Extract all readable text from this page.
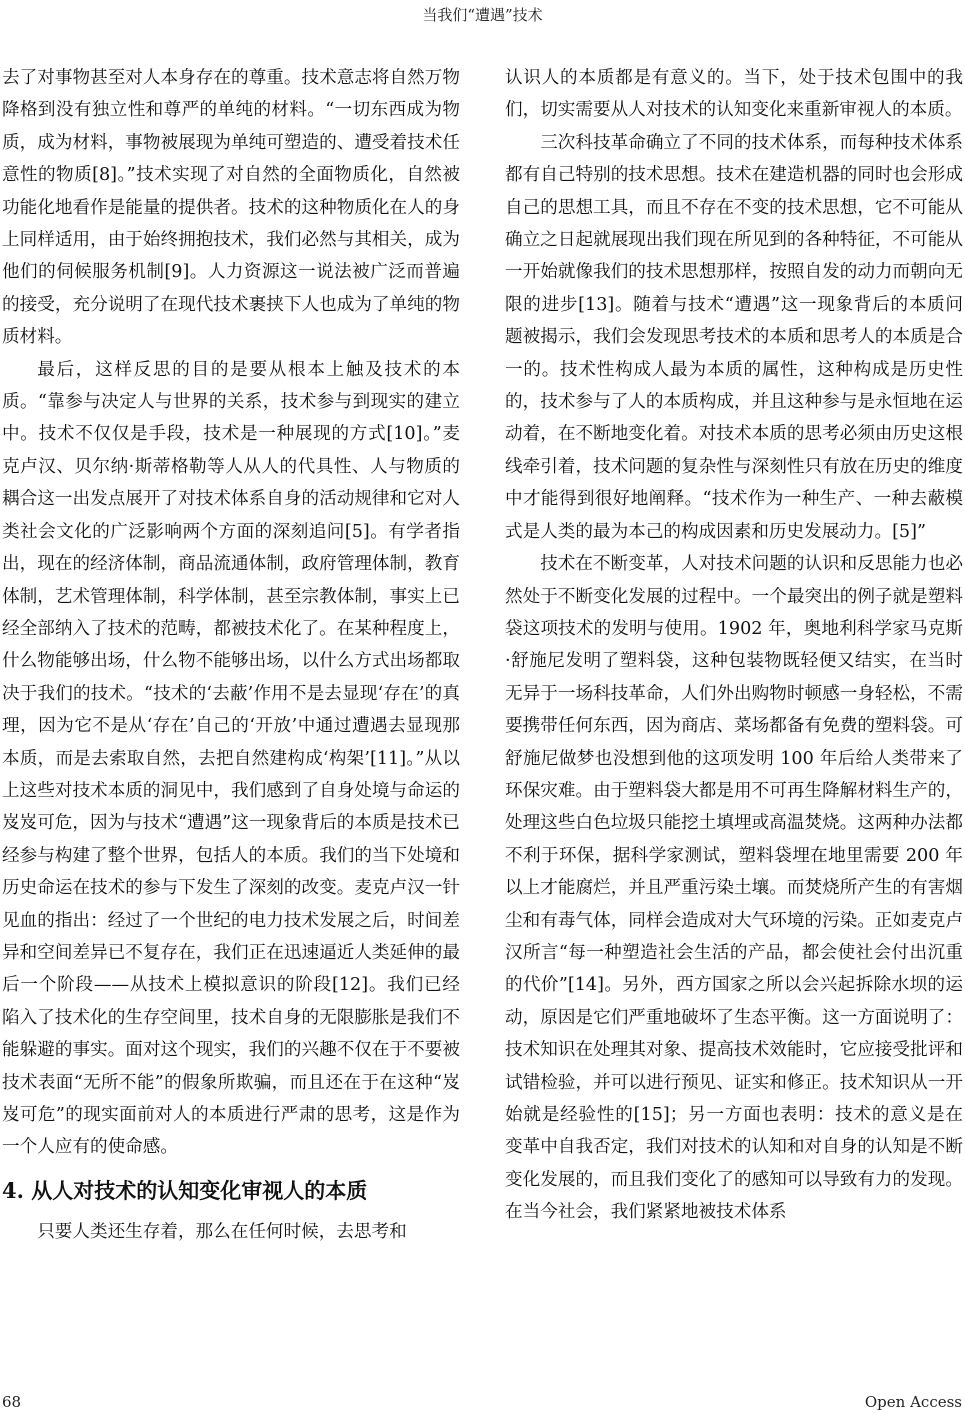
当我们“遭遇”技术

去了对事物甚至对人本身存在的尊重。技术意志将自然万物降格到没有独立性和尊严的单纯的材料。“一切东西成为物质，成为材料，事物被展现为单纯可塑造的、遭受着技术任意性的物质[8]。”技术实现了对自然的全面物质化，自然被功能化地看作是能量的提供者。技术的这种物质化在人的身上同样适用，由于始终拥抱技术，我们必然与其相关，成为他们的伺候服务机制[9]。人力资源这一说法被广泛而普遍的接受，充分说明了在现代技术裹挟下人也成为了单纯的物质材料。

最后，这样反思的目的是要从根本上触及技术的本质。“靠参与决定人与世界的关系，技术参与到现实的建立中。技术不仅仅是手段，技术是一种展现的方式[10]。”麦克卢汉、贝尔纳·斯蒂格勒等人从人的代具性、人与物质的耦合这一出发点展开了对技术体系自身的活动规律和它对人类社会文化的广泛影响两个方面的深刻追问[5]。有学者指出，现在的经济体制，商品流通体制，政府管理体制，教育体制，艺术管理体制，科学体制，甚至宗教体制，事实上已经全部纳入了技术的范畴，都被技术化了。在某种程度上，什么物能够出场，什么物不能够出场，以什么方式出场都取决于我们的技术。“技术的‘去蔽’作用不是去显现‘存在’的真理，因为它不是从‘存在’自己的‘开放’中通过遭遇去显现那本质，而是去索取自然，去把自然建构成‘构架’[11]。”从以上这些对技术本质的洞见中，我们感到了自身处境与命运的岌岌可危，因为与技术“遭遇”这一现象背后的本质是技术已经参与构建了整个世界，包括人的本质。我们的当下处境和历史命运在技术的参与下发生了深刻的改变。麦克卢汉一针见血的指出：经过了一个世纪的电力技术发展之后，时间差异和空间差异已不复存在，我们正在迅速逼近人类延伸的最后一个阶段——从技术上模拟意识的阶段[12]。我们已经陷入了技术化的生存空间里，技术自身的无限膨胀是我们不能躲避的事实。面对这个现实，我们的兴趣不仅在于不要被技术表面“无所不能”的假象所欺骗，而且还在于在这种“岌岌可危”的现实面前对人的本质进行严肃的思考，这是作为一个人应有的使命感。

4. 从人对技术的认知变化审视人的本质

只要人类还生存着，那么在任何时候，去思考和

认识人的本质都是有意义的。当下，处于技术包围中的我们，切实需要从人对技术的认知变化来重新审视人的本质。

三次科技革命确立了不同的技术体系，而每种技术体系都有自己特别的技术思想。技术在建造机器的同时也会形成自己的思想工具，而且不存在不变的技术思想，它不可能从确立之日起就展现出我们现在所见到的各种特征，不可能从一开始就像我们的技术思想那样，按照自发的动力而朝向无限的进步[13]。随着与技术“遭遇”这一现象背后的本质问题被揭示，我们会发现思考技术的本质和思考人的本质是合一的。技术性构成人最为本质的属性，这种构成是历史性的，技术参与了人的本质构成，并且这种参与是永恒地在运动着，在不断地变化着。对技术本质的思考必须由历史这根线牵引着，技术问题的复杂性与深刻性只有放在历史的维度中才能得到很好地阐释。“技术作为一种生产、一种去蔽模式是人类的最为本己的构成因素和历史发展动力。[5]”

技术在不断变革，人对技术问题的认识和反思能力也必然处于不断变化发展的过程中。一个最突出的例子就是塑料袋这项技术的发明与使用。1902 年，奥地利科学家马克斯·舒施尼发明了塑料袋，这种包装物既轻便又结实，在当时无异于一场科技革命，人们外出购物时顿感一身轻松，不需要携带任何东西，因为商店、菜场都备有免费的塑料袋。可舒施尼做梦也没想到他的这项发明 100 年后给人类带来了环保灾难。由于塑料袋大都是用不可再生降解材料生产的，处理这些白色垃圾只能挖土填埋或高温焚烧。这两种办法都不利于环保，据科学家测试，塑料袋埋在地里需要 200 年以上才能腐烂，并且严重污染土壤。而焚烧所产生的有害烟尘和有毒气体，同样会造成对大气环境的污染。正如麦克卢汉所言“每一种塑造社会生活的产品，都会使社会付出沉重的代价”[14]。另外，西方国家之所以会兴起拆除水坝的运动，原因是它们严重地破坏了生态平衡。这一方面说明了：技术知识在处理其对象、提高技术效能时，它应接受批评和试错检验，并可以进行预见、证实和修正。技术知识从一开始就是经验性的[15]；另一方面也表明：技术的意义是在变革中自我否定，我们对技术的认知和对自身的认知是不断变化发展的，而且我们变化了的感知可以导致有力的发现。在当今社会，我们紧紧地被技术体系

68	Open Access
